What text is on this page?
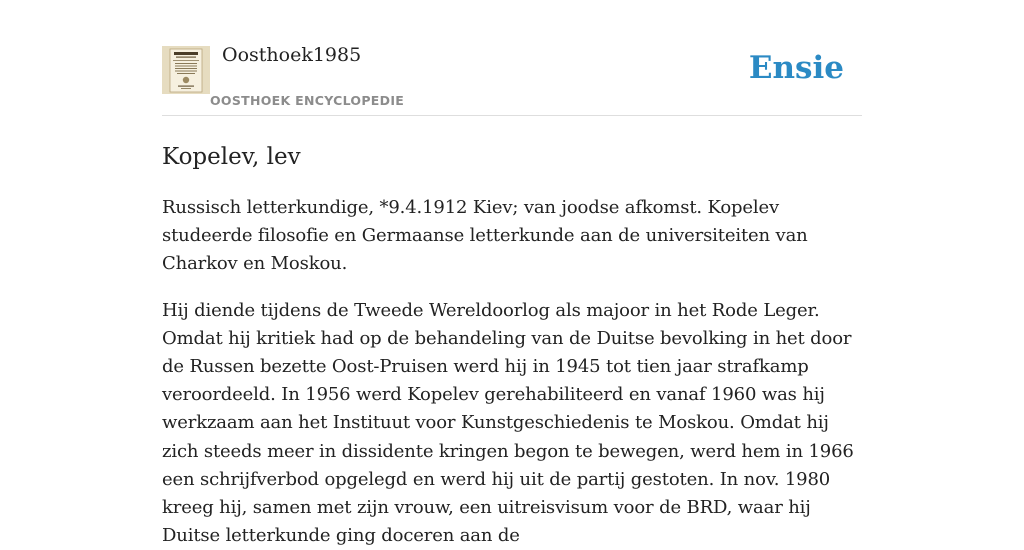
Oosthoek1985
OOSTHOEK ENCYCLOPEDIE
Ensie
Kopelev, lev

Russisch letterkundige, *9.4.1912 Kiev; van joodse afkomst. Kopelev studeerde filosofie en Germaanse letterkunde aan de universiteiten van Charkov en Moskou.

Hij diende tijdens de Tweede Wereldoorlog als majoor in het Rode Leger. Omdat hij kritiek had op de behandeling van de Duitse bevolking in het door de Russen bezette Oost-Pruisen werd hij in 1945 tot tien jaar strafkamp veroordeeld. In 1956 werd Kopelev gerehabiliteerd en vanaf 1960 was hij werkzaam aan het Instituut voor Kunstgeschiedenis te Moskou. Omdat hij zich steeds meer in dissidente kringen begon te bewegen, werd hem in 1966 een schrijfverbod opgelegd en werd hij uit de partij gestoten. In nov. 1980 kreeg hij, samen met zijn vrouw, een uitreisvisum voor de BRD, waar hij Duitse letterkunde ging doceren aan de
